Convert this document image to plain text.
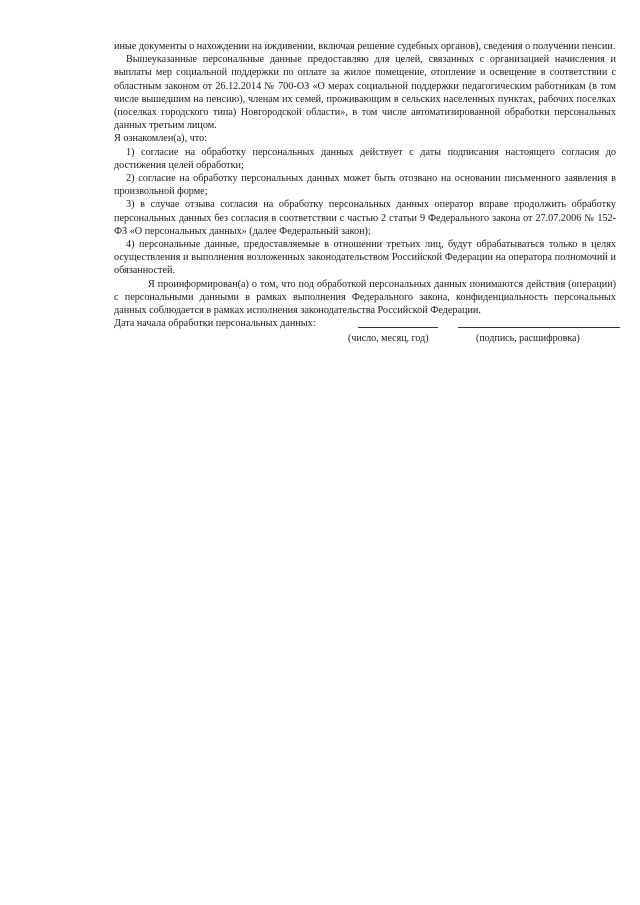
иные документы о нахождении на иждивении, включая решение судебных органов), сведения о получении пенсии.

Вышеуказанные персональные данные предоставляю для целей, связанных с организацией начисления и выплаты мер социальной поддержки по оплате за жилое помещение, отопление и освещение в соответствии с областным законом от 26.12.2014 № 700-ОЗ «О мерах социальной поддержки педагогическим работникам (в том числе вышедшим на пенсию), членам их семей, проживающим в сельских населенных пунктах, рабочих поселках (поселках городского типа) Новгородской области», в том числе автоматизированной обработки персональных данных третьим лицом.

Я ознакомлен(а), что:

1) согласие на обработку персональных данных действует с даты подписания настоящего согласия до достижения целей обработки;

2) согласие на обработку персональных данных может быть отозвано на основании письменного заявления в произвольной форме;

3) в случае отзыва согласия на обработку персональных данных оператор вправе продолжить обработку персональных данных без согласия в соответствии с частью 2 статьи 9 Федерального закона от 27.07.2006 № 152-ФЗ «О персональных данных» (далее Федеральный закон);

4) персональные данные, предоставляемые в отношении третьих лиц, будут обрабатываться только в целях осуществления и выполнения возложенных законодательством Российской Федерации на оператора полномочий и обязанностей.

Я проинформирован(а) о том, что под обработкой персональных данных понимаются действия (операции) с персональными данными в рамках выполнения Федерального закона, конфиденциальность персональных данных соблюдается в рамках исполнения законодательства Российской Федерации.

Дата начала обработки персональных данных:
(число, месяц, год)	(подпись, расшифровка)
